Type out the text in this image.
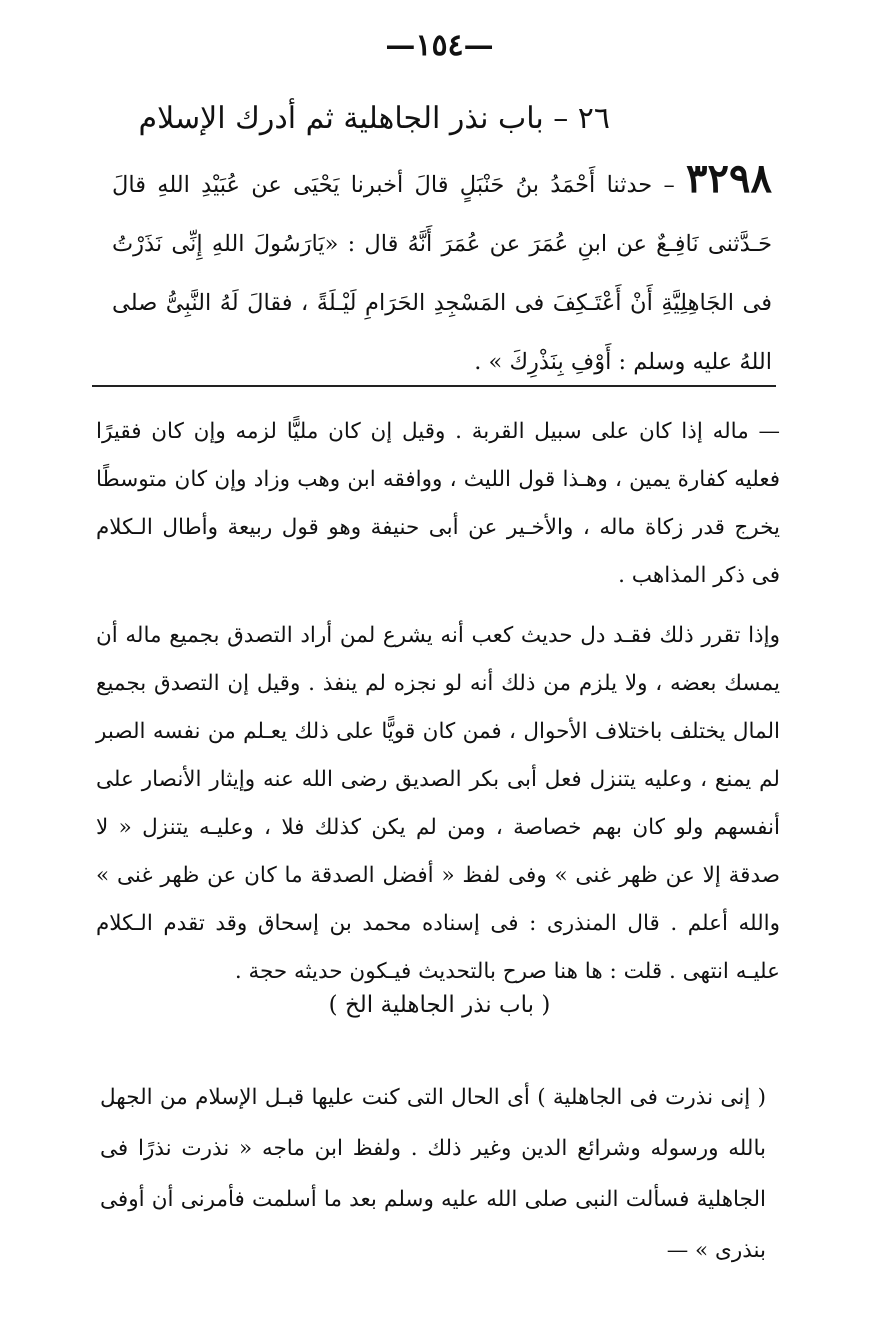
—١٥٤—
٢٦ – باب نذر الجاهلية ثم أدرك الإسلام
٣٢٩٨ – حدثنا أَحْمَدُ بنُ حَنْبَلٍ قالَ أخبرنا يَحْيَى عن عُبَيْدِ اللهِ قالَ حَـدَّثنى نَافِـعٌ عن ابنِ عُمَرَ عن عُمَرَ أَنَّهُ قال : «يَارَسُولَ اللهِ إِنِّى نَذَرْتُ فى الجَاهِلِيَّةِ أَنْ أَعْتَـكِفَ فى المَسْجِدِ الحَرَامِ لَيْـلَةً ، فقالَ لَهُ النَّبِىُّ صلى اللهُ عليه وسلم : أَوْفِ بِنَذْرِكَ » .

— ماله إذا كان على سبيل القربة . وقيل إن كان مليًّا لزمه وإن كان فقيرًا فعليه كفارة يمين ، وهـذا قول الليث ، ووافقه ابن وهب وزاد وإن كان متوسطًا يخرج قدر زكاة ماله ، والأخـير عن أبى حنيفة وهو قول ربيعة وأطال الـكلام فى ذكر المذاهب .

وإذا تقرر ذلك فقـد دل حديث كعب أنه يشرع لمن أراد التصدق بجميع ماله أن يمسك بعضه ، ولا يلزم من ذلك أنه لو نجزه لم ينفذ . وقيل إن التصدق بجميع المال يختلف باختلاف الأحوال ، فمن كان قويًّا على ذلك يعـلم من نفسه الصبر لم يمنع ، وعليه يتنزل فعل أبى بكر الصديق رضى الله عنه وإيثار الأنصار على أنفسهم ولو كان بهم خصاصة ، ومن لم يكن كذلك فلا ، وعليـه يتنزل « لا صدقة إلا عن ظهر غنى » وفى لفظ « أفضل الصدقة ما كان عن ظهر غنى » والله أعلم . قال المنذرى : فى إسناده محمد بن إسحاق وقد تقدم الـكلام عليـه انتهى . قلت : ها هنا صرح بالتحديث فيـكون حديثه حجة .

( باب نذر الجاهلية الخ )

( إنى نذرت فى الجاهلية ) أى الحال التى كنت عليها قبـل الإسلام من الجهل بالله ورسوله وشرائع الدين وغير ذلك . ولفظ ابن ماجه « نذرت نذرًا فى الجاهلية فسألت النبى صلى الله عليه وسلم بعد ما أسلمت فأمرنى أن أوفى بنذرى » —
